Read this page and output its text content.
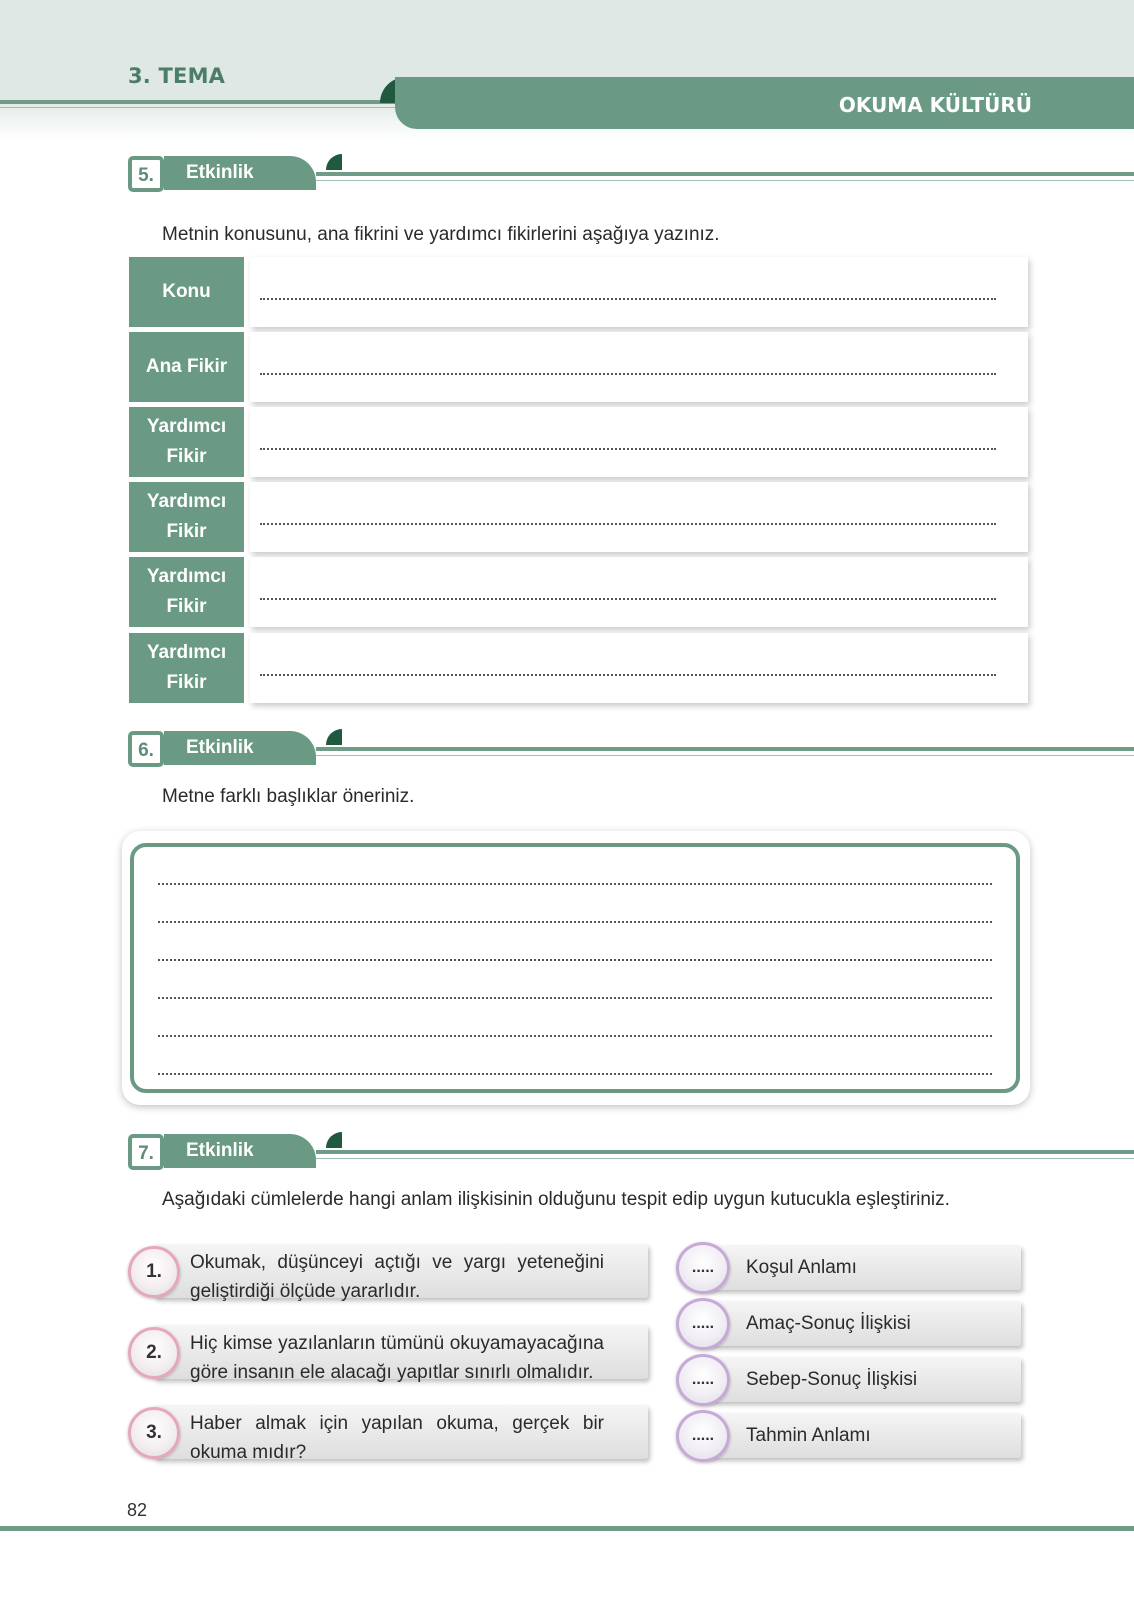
3. TEMA
OKUMA KÜLTÜRÜ
Etkinlik
5.
Metnin konusunu, ana fikrini ve yardımcı fikirlerini aşağıya yazınız.
Konu
Ana Fikir
Yardımcı Fikir
Yardımcı Fikir
Yardımcı Fikir
Yardımcı Fikir
Etkinlik
6.
Metne farklı başlıklar öneriniz.
Etkinlik
7.
Aşağıdaki cümlelerde hangi anlam ilişkisinin olduğunu tespit edip uygun kutucukla eşleştiriniz.
1.	Okumak, düşünceyi açtığı ve yargı yeteneğini geliştirdiği ölçüde yararlıdır.
2.	Hiç kimse yazılanların tümünü okuyamayacağına göre insanın ele alacağı yapıtlar sınırlı olmalıdır.
3.	Haber almak için yapılan okuma, gerçek bir okuma mıdır?
.....	Koşul Anlamı
.....	Amaç-Sonuç İlişkisi
.....	Sebep-Sonuç İlişkisi
.....	Tahmin Anlamı
82
